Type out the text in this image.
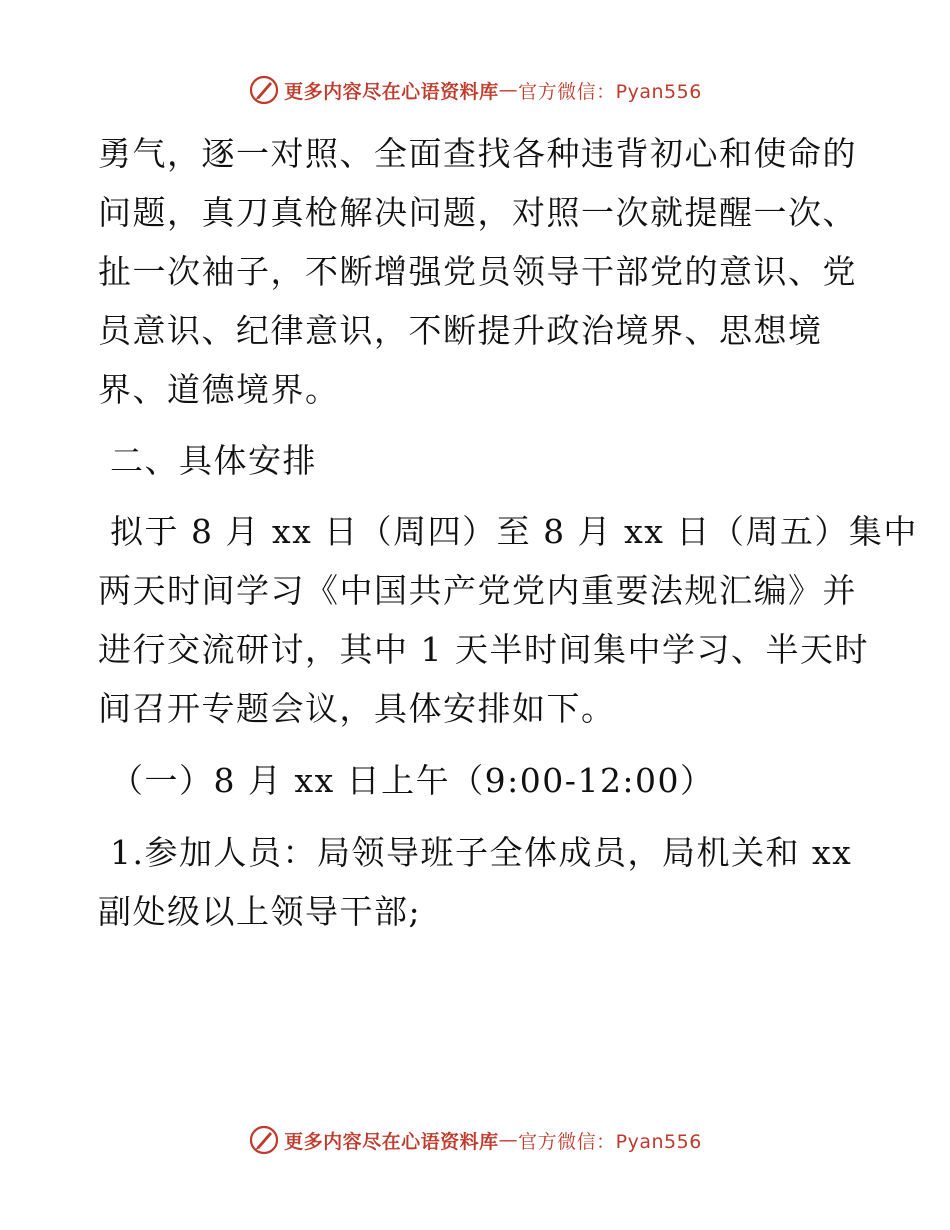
更多内容尽在心语资料库 — 官方微信：Pyan556
勇气，逐一对照、全面查找各种违背初心和使命的
问题，真刀真枪解决问题，对照一次就提醒一次、
扯一次袖子，不断增强党员领导干部党的意识、党
员意识、纪律意识，不断提升政治境界、思想境
界、道德境界。
二、具体安排
拟于 8 月 xx 日（周四）至 8 月 xx 日（周五）集中
两天时间学习《中国共产党党内重要法规汇编》并
进行交流研讨，其中 1 天半时间集中学习、半天时
间召开专题会议，具体安排如下。
（一）8 月 xx 日上午（9:00-12:00）
1.参加人员：局领导班子全体成员，局机关和 xx
副处级以上领导干部;
更多内容尽在心语资料库 — 官方微信：Pyan556
